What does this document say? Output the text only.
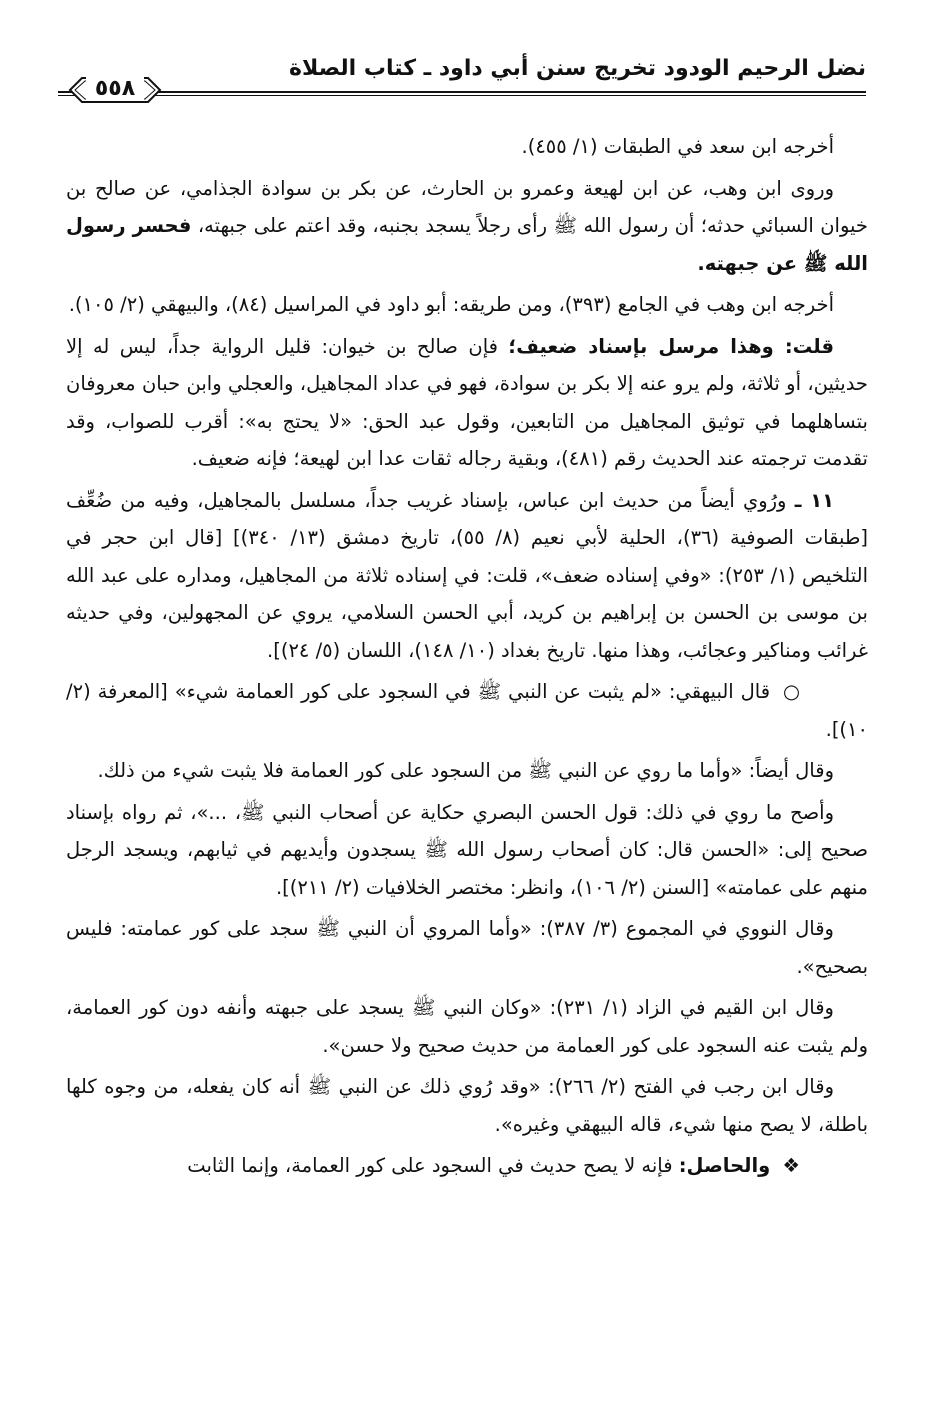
نضل الرحيم الودود تخريج سنن أبي داود ـ كتاب الصلاة
٥٥٨

أخرجه ابن سعد في الطبقات (١/ ٤٥٥).

وروى ابن وهب، عن ابن لهيعة وعمرو بن الحارث، عن بكر بن سوادة الجذامي، عن صالح بن خيوان السبائي حدثه؛ أن رسول الله ﷺ رأى رجلاً يسجد بجنبه، وقد اعتم على جبهته، فحسر رسول الله ﷺ عن جبهته.

أخرجه ابن وهب في الجامع (٣٩٣)، ومن طريقه: أبو داود في المراسيل (٨٤)، والبيهقي (٢/ ١٠٥).

قلت: وهذا مرسل بإسناد ضعيف؛ فإن صالح بن خيوان: قليل الرواية جداً، ليس له إلا حديثين، أو ثلاثة، ولم يرو عنه إلا بكر بن سوادة، فهو في عداد المجاهيل، والعجلي وابن حبان معروفان بتساهلهما في توثيق المجاهيل من التابعين، وقول عبد الحق: «لا يحتج به»: أقرب للصواب، وقد تقدمت ترجمته عند الحديث رقم (٤٨١)، وبقية رجاله ثقات عدا ابن لهيعة؛ فإنه ضعيف.

١١ ـ ورُوي أيضاً من حديث ابن عباس، بإسناد غريب جداً، مسلسل بالمجاهيل، وفيه من ضُعِّف [طبقات الصوفية (٣٦)، الحلية لأبي نعيم (٨/ ٥٥)، تاريخ دمشق (١٣/ ٣٤٠)] [قال ابن حجر في التلخيص (١/ ٢٥٣): «وفي إسناده ضعف»، قلت: في إسناده ثلاثة من المجاهيل، ومداره على عبد الله بن موسى بن الحسن بن إبراهيم بن كريد، أبي الحسن السلامي، يروي عن المجهولين، وفي حديثه غرائب ومناكير وعجائب، وهذا منها. تاريخ بغداد (١٠/ ١٤٨)، اللسان (٥/ ٢٤)].

○ قال البيهقي: «لم يثبت عن النبي ﷺ في السجود على كور العمامة شيء» [المعرفة (٢/ ١٠)].

وقال أيضاً: «وأما ما روي عن النبي ﷺ من السجود على كور العمامة فلا يثبت شيء من ذلك.

وأصح ما روي في ذلك: قول الحسن البصري حكاية عن أصحاب النبي ﷺ، ...»، ثم رواه بإسناد صحيح إلى: «الحسن قال: كان أصحاب رسول الله ﷺ يسجدون وأيديهم في ثيابهم، ويسجد الرجل منهم على عمامته» [السنن (٢/ ١٠٦)، وانظر: مختصر الخلافيات (٢/ ٢١١)].

وقال النووي في المجموع (٣/ ٣٨٧): «وأما المروي أن النبي ﷺ سجد على كور عمامته: فليس بصحيح».

وقال ابن القيم في الزاد (١/ ٢٣١): «وكان النبي ﷺ يسجد على جبهته وأنفه دون كور العمامة، ولم يثبت عنه السجود على كور العمامة من حديث صحيح ولا حسن».

وقال ابن رجب في الفتح (٢/ ٢٦٦): «وقد رُوي ذلك عن النبي ﷺ أنه كان يفعله، من وجوه كلها باطلة، لا يصح منها شيء، قاله البيهقي وغيره».

❖ والحاصل: فإنه لا يصح حديث في السجود على كور العمامة، وإنما الثابت
